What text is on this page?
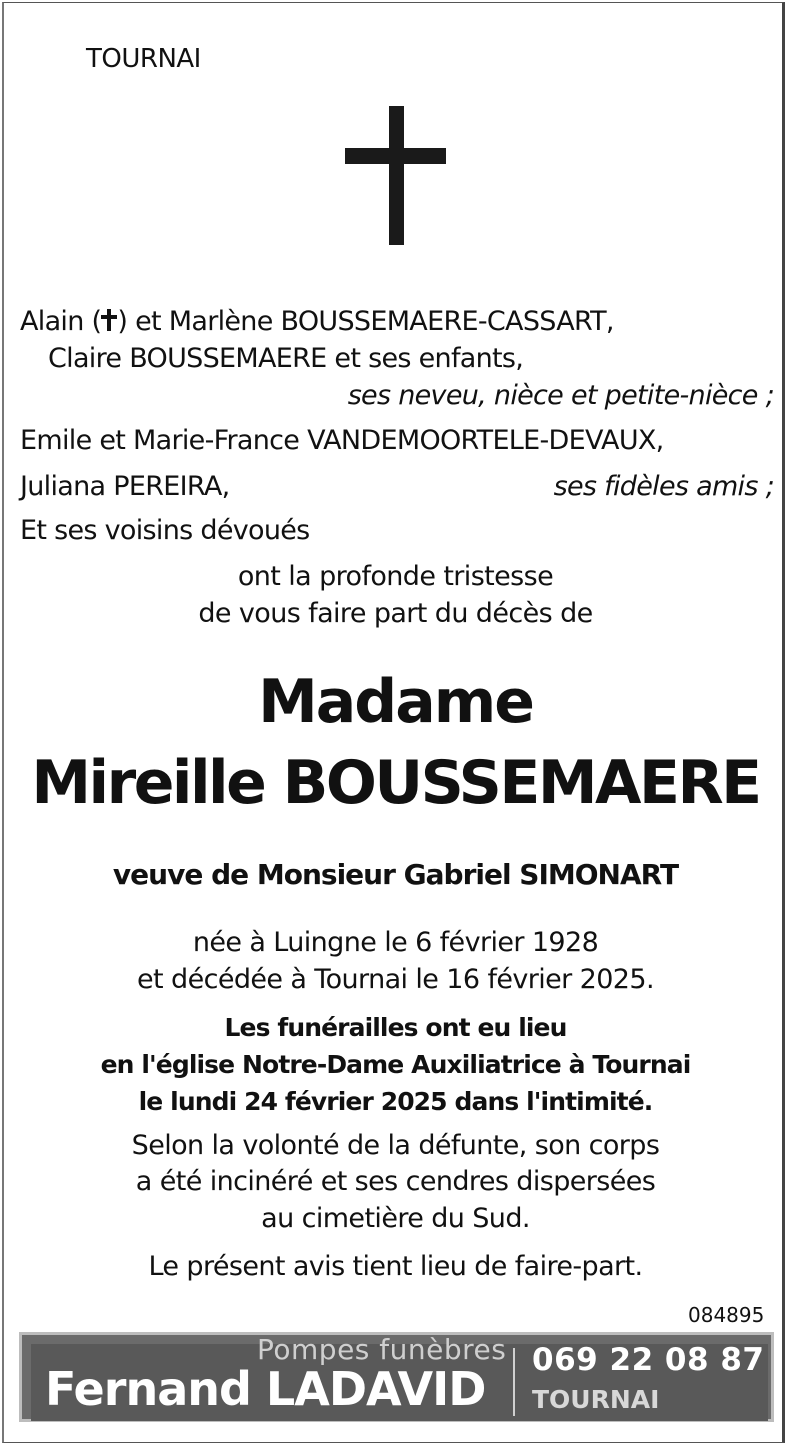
TOURNAI
Alain ( ) et Marlène BOUSSEMAERE-CASSART,
Claire BOUSSEMAERE et ses enfants,
ses neveu, nièce et petite-nièce ;
Emile et Marie-France VANDEMOORTELE-DEVAUX,
Juliana PEREIRA,	ses fidèles amis ;
Et ses voisins dévoués
ont la profonde tristesse
de vous faire part du décès de
Madame
Mireille BOUSSEMAERE
veuve de Monsieur Gabriel SIMONART
née à Luingne le 6 février 1928
et décédée à Tournai le 16 février 2025.
Les funérailles ont eu lieu
en l'église Notre-Dame Auxiliatrice à Tournai
le lundi 24 février 2025 dans l'intimité.
Selon la volonté de la défunte, son corps
a été incinéré et ses cendres dispersées
au cimetière du Sud.
Le présent avis tient lieu de faire-part.
084895
Pompes funèbres
Fernand LADAVID
069 22 08 87
TOURNAI
